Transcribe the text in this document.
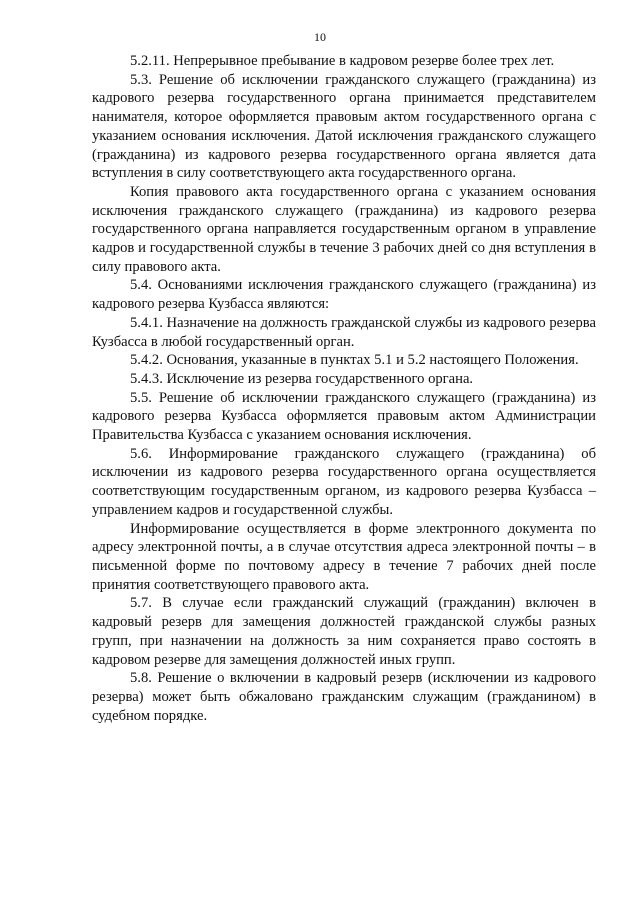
10

5.2.11. Непрерывное пребывание в кадровом резерве более трех лет.

5.3. Решение об исключении гражданского служащего (гражданина) из кадрового резерва государственного органа принимается представителем нанимателя, которое оформляется правовым актом государственного органа с указанием основания исключения. Датой исключения гражданского служащего (гражданина) из кадрового резерва государственного органа является дата вступления в силу соответствующего акта государственного органа.

Копия правового акта государственного органа с указанием основания исключения гражданского служащего (гражданина) из кадрового резерва государственного органа направляется государственным органом в управление кадров и государственной службы в течение 3 рабочих дней со дня вступления в силу правового акта.

5.4. Основаниями исключения гражданского служащего (гражданина) из кадрового резерва Кузбасса являются:

5.4.1. Назначение на должность гражданской службы из кадрового резерва Кузбасса в любой государственный орган.

5.4.2. Основания, указанные в пунктах 5.1 и 5.2 настоящего Положения.

5.4.3. Исключение из резерва государственного органа.

5.5. Решение об исключении гражданского служащего (гражданина) из кадрового резерва Кузбасса оформляется правовым актом Администрации Правительства Кузбасса с указанием основания исключения.

5.6. Информирование гражданского служащего (гражданина) об исключении из кадрового резерва государственного органа осуществляется соответствующим государственным органом, из кадрового резерва Кузбасса – управлением кадров и государственной службы.

Информирование осуществляется в форме электронного документа по адресу электронной почты, а в случае отсутствия адреса электронной почты – в письменной форме по почтовому адресу в течение 7 рабочих дней после принятия соответствующего правового акта.

5.7. В случае если гражданский служащий (гражданин) включен в кадровый резерв для замещения должностей гражданской службы разных групп, при назначении на должность за ним сохраняется право состоять в кадровом резерве для замещения должностей иных групп.

5.8. Решение о включении в кадровый резерв (исключении из кадрового резерва) может быть обжаловано гражданским служащим (гражданином) в судебном порядке.
